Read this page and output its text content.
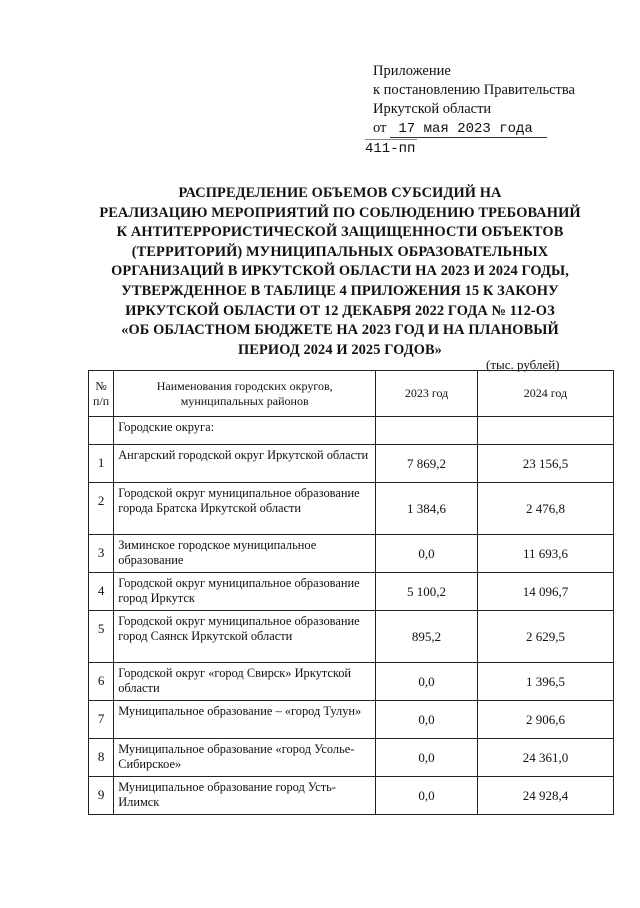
Приложение
к постановлению Правительства
Иркутской области
от 17 мая 2023 года
411-пп
РАСПРЕДЕЛЕНИЕ ОБЪЕМОВ СУБСИДИЙ НА
РЕАЛИЗАЦИЮ МЕРОПРИЯТИЙ ПО СОБЛЮДЕНИЮ ТРЕБОВАНИЙ
К АНТИТЕРРОРИСТИЧЕСКОЙ ЗАЩИЩЕННОСТИ ОБЪЕКТОВ
(ТЕРРИТОРИЙ) МУНИЦИПАЛЬНЫХ ОБРАЗОВАТЕЛЬНЫХ
ОРГАНИЗАЦИЙ В ИРКУТСКОЙ ОБЛАСТИ НА 2023 И 2024 ГОДЫ,
УТВЕРЖДЕННОЕ В ТАБЛИЦЕ 4 ПРИЛОЖЕНИЯ 15 К ЗАКОНУ
ИРКУТСКОЙ ОБЛАСТИ ОТ 12 ДЕКАБРЯ 2022 ГОДА № 112-ОЗ
«ОБ ОБЛАСТНОМ БЮДЖЕТЕ НА 2023 ГОД И НА ПЛАНОВЫЙ
ПЕРИОД 2024 И 2025 ГОДОВ»
(тыс. рублей)
№ п/п	Наименования городских округов, муниципальных районов	2023 год	2024 год
	Городские округа:		
1	Ангарский городской округ Иркутской области	7 869,2	23 156,5
2	Городской округ муниципальное образование города Братска Иркутской области	1 384,6	2 476,8
3	Зиминское городское муниципальное образование	0,0	11 693,6
4	Городской округ муниципальное образование город Иркутск	5 100,2	14 096,7
5	Городской округ муниципальное образование город Саянск Иркутской области	895,2	2 629,5
6	Городской округ «город Свирск» Иркутской области	0,0	1 396,5
7	Муниципальное образование – «город Тулун»	0,0	2 906,6
8	Муниципальное образование «город Усолье-Сибирское»	0,0	24 361,0
9	Муниципальное образование город Усть-Илимск	0,0	24 928,4
